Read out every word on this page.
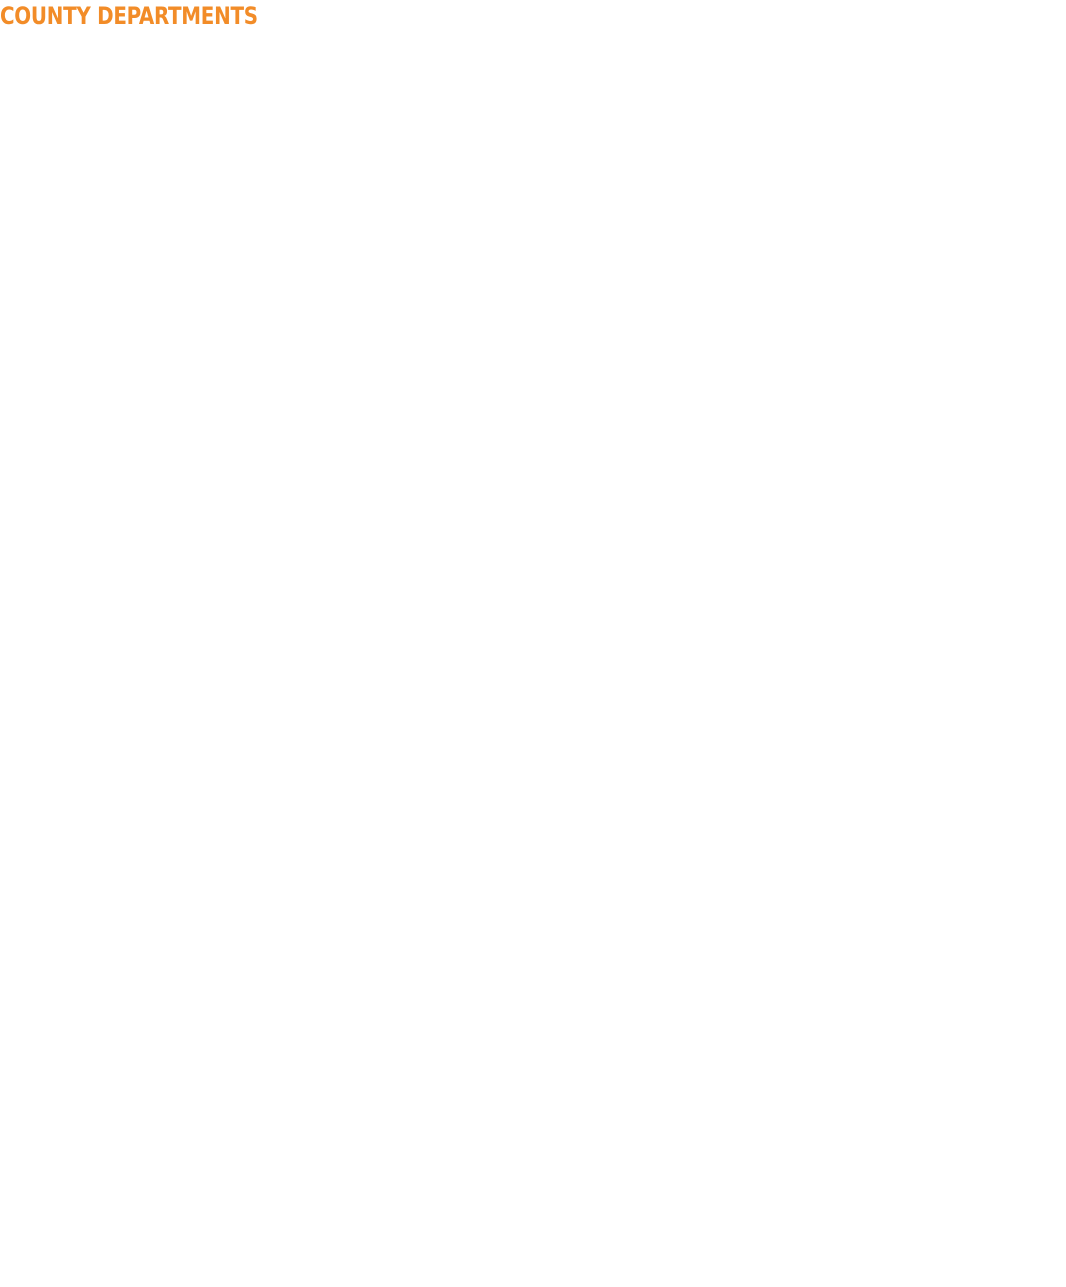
COUNTY DEPARTMENTS
